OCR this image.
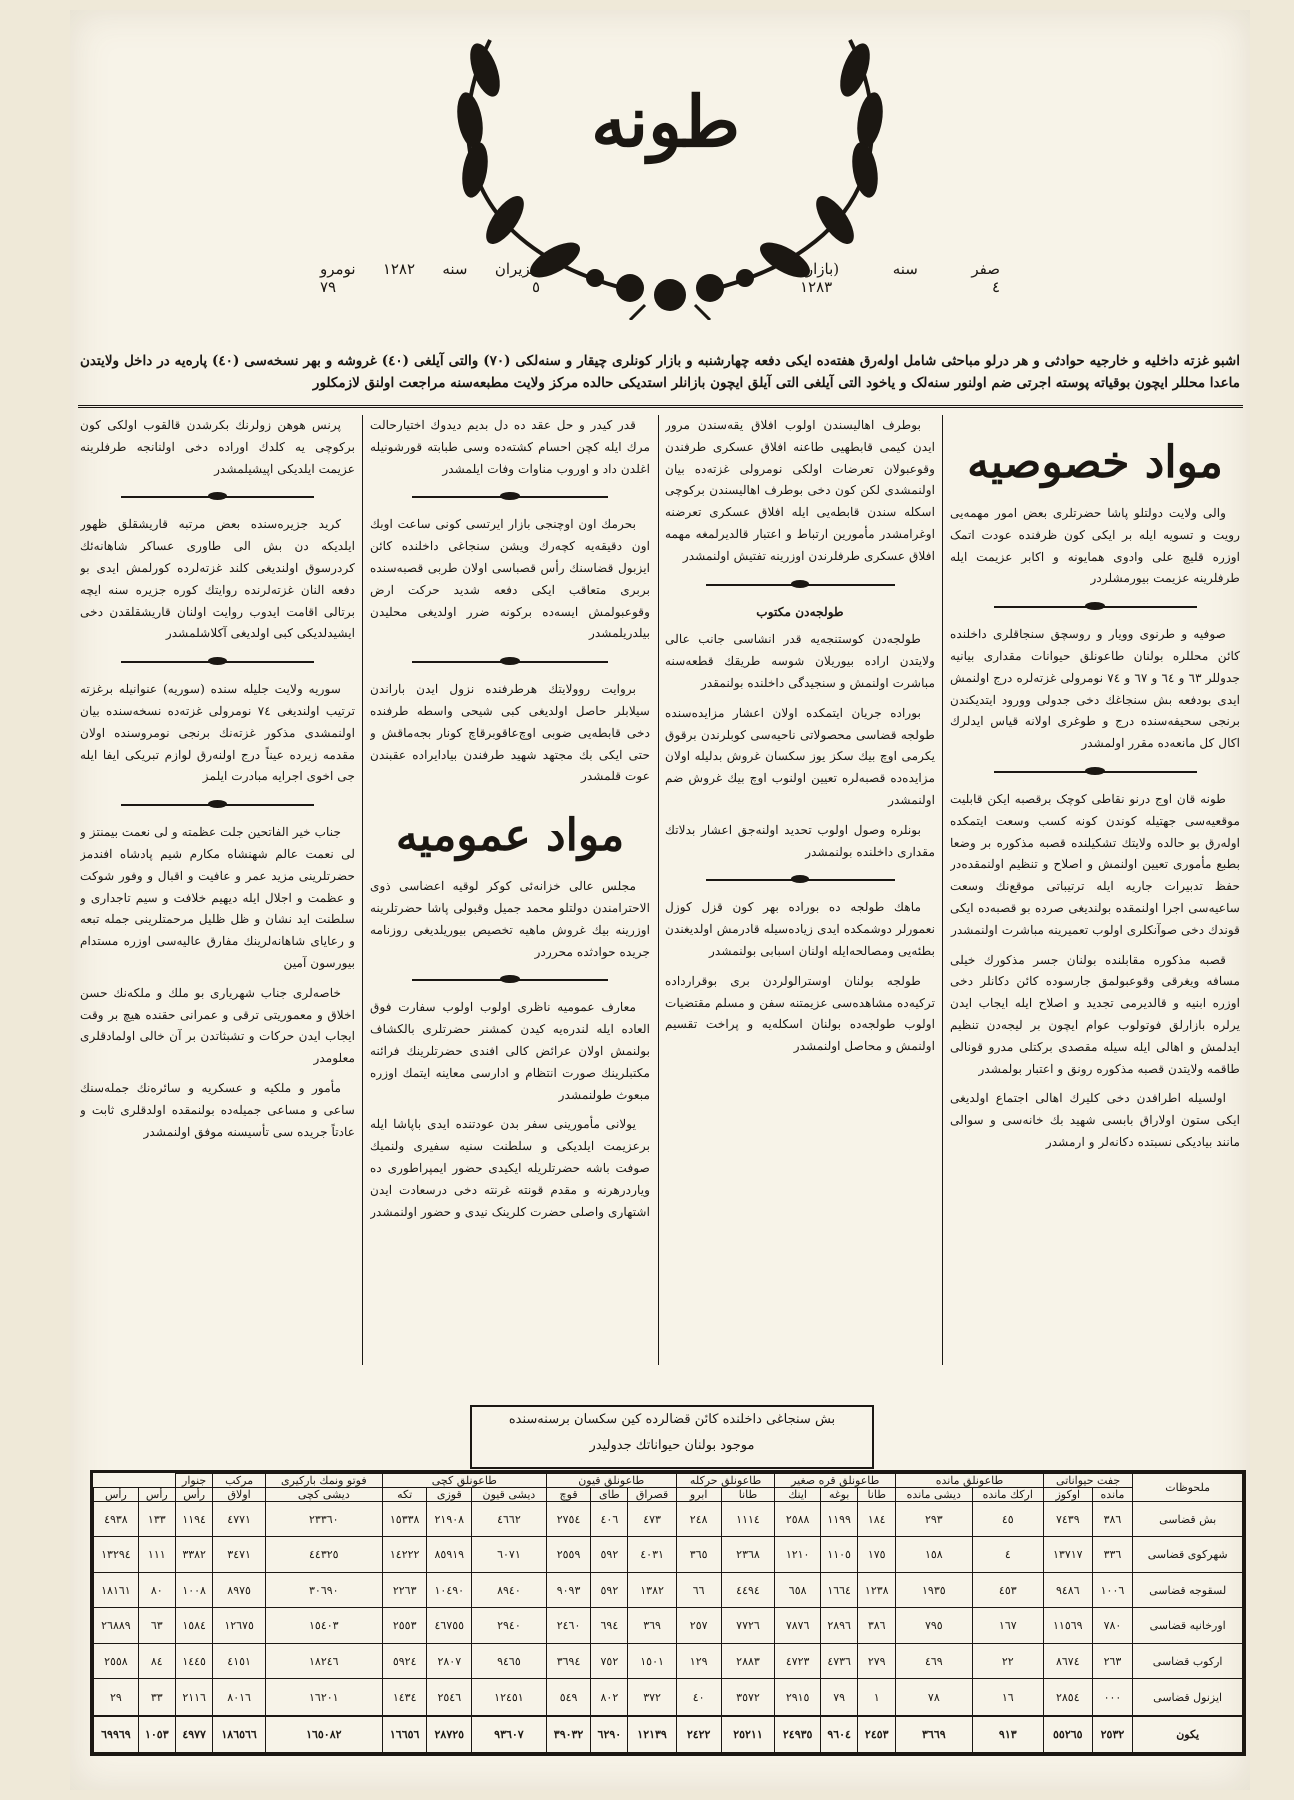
طونه
صفر
سنه
(بازار)
٤
١٢٨٣
حزیران
سنه
١٢٨٢
نومرو
٥
٧٩
اشبو غزته داخلیه و خارجیه حوادثی و هر درلو مباحثی شامل اوله‌رق هفته‌ده ایکی دفعه چهارشنبه و بازار کونلری چیقار و سنه‌لکی (٧٠) والتی آیلغی (٤٠) غروشه و بهر نسخه‌سی (٤٠) پاره‌یه در داخل ولایتدن ماعدا محللر ایچون بوقیاته پوسته اجرتی ضم اولنور سنه‌لک و یاخود التی آیلغی التی آیلق ایچون بازانلر استدیکی حالده مرکز ولایت مطبعه‌سنه مراجعت اولنق لازمکلور
مواد خصوصیه

والی ولایت دولتلو پاشا حضرتلری بعض امور مهمه‌یی رویت و تسویه ایله بر ایکی کون ظرفنده عودت اتمک اوزره قلیچ علی وادوی همایونه و اکابر عزیمت ایله طرفلرینه عزیمت بیورمشلردر

صوفیه و طرنوی وویار و روسچق سنجاقلری داخلنده کائن محللره بولنان طاعونلق حیوانات مقداری بیانیه جدوللر ٦٣ و ٦٤ و ٦٧ و ٧٤ نومرولی غزته‌لره درج اولنمش ایدی بودفعه بش سنجاغك دخی جدولی وورود ایتدیکندن برنجی سحیفه‌سنده درج و طوغری اولانه قیاس ایدلرك اكال كل مانعه‌ده مقرر اولمشدر

طونه قان اوج درنو نقاطی کوچک برقصبه ایکن قابلیت موقعیه‌سی جهتیله کوندن کونه کسب وسعت ایتمکده اوله‌رق بو حالده ولایتك تشکیلنده قصبه مذکوره بر وضعا بطبع مأموری تعیین اولنمش و اصلاح و تنظیم اولنمقده‌در حفظ تدبیرات جاریه ایله ترتیباتی موقع‌نك وسعت ساعیه‌سی اجرا اولنمقده بولندیغی صرده بو قصبه‌ده ایکی قوندك دخی صوآنکلری اولوب تعمیرینه مباشرت اولنمشدر

قصبه مذکوره مقابلنده بولنان جسر مذکورك خیلی مسافه ویغرقی وقوعبولمق جارسوده کائن دکانلر دخی اوزره ابنیه و قالدیرمی تجدید و اصلاح ایله ایجاب ایدن یرلره بازارلق فوتولوب عوام ایچون بر لیجه‌دن تنظیم ایدلمش و اهالی ایله سیله مقصدی برکتلی مدرو قونالی طاقمه ولایتدن قصبه مذکوره رونق و اعتبار بولمشدر

اولسیله اطرافدن دخی کلیرك اهالی اجتماع اولدیغی ایکی ستون اولاراق بابسی شهید بك خانه‌سی و سوالی مانند بیادیکی نسبتده دکانه‌لر و ارمشدر

بوطرف اهالیسندن اولوب افلاق یقه‌سندن مرور ایدن کیمی قابطهیی طاعنه افلاق عسکری طرفندن وقوعبولان تعرضات اولکی نومرولی غزته‌ده بیان اولنمشدی لکن کون دخی بوطرف اهالیسندن برکوچی اسکله سندن قابطه‌یی ایله افلاق عسکری تعرضنه اوغرامشدر مأمورین ارتباط و اعتبار قالدیرلمغه مهمه افلاق عسکری طرفلرندن اوزرینه تفتیش اولنمشدر

طولجه‌دن مکتوب

طولجه‌دن کوستنجه‌یه قدر انشاسی جانب عالی ولایتدن اراده بیوریلان شوسه طریقك قطعه‌سنه مباشرت اولنمش و سنجیدگی داخلنده بولنمقدر

بوراده جریان ایتمکده اولان اعشار مزایده‌سنده طولجه قضاسی محصولاتی ناحیه‌سی کوبلرندن برقوق یکرمی اوچ بیك سکز یوز سکسان غروش بدلیله اولان مزایده‌ده قصبه‌لره تعیین اولنوب اوچ بیك غروش ضم اولنمشدر

بونلره وصول اولوب تحدید اولنه‌جق اعشار بدلاتك مقداری داخلنده بولنمشدر

ماهك طولجه ده بوراده بهر کون قزل کوزل نعمورلر دوشمکده ایدی زیاده‌سیله قادرمش اولدیغندن بطئه‌یی ومصالحه‌ایله اولنان اسبابی بولنمشدر

طولجه بولنان اوسترالولردن بری بوقرارداده ترکیه‌ده مشاهده‌سی عزیمتنه سفن و مسلم مقتضیات اولوب طولجه‌ده بولنان اسکله‌یه و پراخت تقسیم اولنمش و محاصل اولنمشدر

قدر کیدر و حل عقد ده دل بدیم دیدوك اختیارحالت مرك ایله کچن احسام کشته‌ده وسی طبابته قورشونیله اغلدن داد و اوروب مناوات وفات ایلمشدر

بحرمك اون اوچنجی بازار ایرتسی کونی ساعت اوبك اون دقیقه‌یه کچه‌رك ویشن سنجاغی داخلنده کائن ایزبول قضاسنك رأس قصباسی اولان طربی قصبه‌سنده بربری متعاقب ایکی دفعه شدید حرکت ارض وقوعبولمش ایسه‌ده برکونه ضرر اولدیغی محلیدن بیلدریلمشدر

بروایت روولایتك هرطرفنده نزول ایدن باراندن سیلابلر حاصل اولدیغی کبی شیحی واسطه طرفنده دخی قابطه‌یی ضوبی اوچ‌عاقوبرقاچ کونار بجه‌ماقش و حتی ایکی بك مجتهد شهید طرفندن بیادایراده عقبندن عوت قلمشدر

مواد عمومیه

مجلس عالی خزانه‌ئی کوکر لوقیه اعضاسی ذوی الاحترامندن دولتلو محمد جمیل وقبولی پاشا حضرتلرینه اوزرینه بیك غروش ماهیه تخصیص بیوریلدیغی روزنامه جریده حوادثده محرردر

معارف عمومیه ناظری اولوب اولوب سفارت فوق العاده ایله لندره‌یه کیدن کمشنر حضرتلری بالکشاف بولنمش اولان عرائض کالی افندی حضرتلرینك فرائنه مکتبلرینك صورت انتظام و ادارسی معاینه ایتمك اوزره مبعوث طولنمشدر

یولانی مأمورینی سفر بدن عودتنده ایدی باپاشا ایله برعزیمت ایلدیکی و سلطنت سنیه سفیری ولنمیك صوفت باشه حضرتلریله ایکیدی حضور ایمپراطوری ده ویاردرهرنه و مقدم قونته غرنته دخی درسعادت ایدن اشتهاری واصلی حضرت کلرینک نیدی و حضور اولنمشدر

پرنس هوهن زولرنك بکرشدن قالقوب اولکی کون برکوچی یه کلدك اوراده دخی اولنانجه طرفلرینه عزیمت ایلدیکی اپیشیلمشدر

کرید جزیره‌سنده بعض مرتبه قاریشقلق ظهور ایلدیکه دن بش الی طاوری عساکر شاهانه‌ئك کردرسوق اولندیغی کلند غزته‌لرده کورلمش ایدی بو دفعه النان غزته‌لرنده روایتك کوره جزیره سنه ایچه برتالی اقامت ایدوب روایت اولنان قاریشقلقدن دخی ایشیدلدیکی کبی اولدیغی آکلاشلمشدر

سوریه ولایت جلیله سنده (سوریه) عنوانیله برغزته ترتیب اولندیغی ٧٤ نومرولی غزته‌ده نسخه‌سنده بیان اولنمشدی مذکور غزته‌نك برنجی نومروسنده اولان مقدمه زیرده عیناً درج اولنه‌رق لوازم تبریکی ایفا ایله جی اخوی اجرایه مبادرت ایلمز

جناب خیر الفاتحین جلت عظمته و لی نعمت بیمنتز و لی نعمت عالم شهنشاه مکارم شیم پادشاه افندمز حضرتلرینی مزید عمر و عافیت و اقبال و وفور شوکت و عظمت و اجلال ایله دیهیم خلافت و سیم تاجداری و سلطنت اید نشان و ظل ظلیل مرحمتلرینی جمله تبعه و رعایای شاهانه‌لرینك مفارق عالیه‌سی اوزره مستدام بیورسون آمین

خاصه‌لری جناب شهریاری بو ملك و ملکه‌نك حسن اخلاق و معموریتی ترقی و عمرانی حقنده هیچ بر وقت ایجاب ایدن حرکات و تشبثاتدن بر آن خالی اولمادقلری معلومدر

مأمور و ملکیه و عسکریه و سائره‌نك جمله‌سنك ساعی و مساعی جمیله‌ده بولنمقده اولدقلری ثابت و عادتاً جریده سی تأسیسنه موفق اولنمشدر

بش سنجاغی داخلنده کائن قضالرده کین سکسان برسنه‌سنده
موجود بولنان حیواناتك جدولیدر
ملحوظات	جفت حیواناتی		طاعونلق مانده		طاعونلق قره صغیر			طاعونلق حرکله		طاعونلق قیون			طاعونلق کچی			فوتو ونمك بارکیری	مرکب	جنوار		
	مانده	اوکوز	ارکك مانده	دیشی مانده	طانا	بوغه	اینك	طانا	ابرو	قصراق	طای	قوچ	دیشی قیون	قوزی	تکه	دیشی کچی	اولاق	رأس	رأس	رأس
بش قضاسی	٣٨٦	٧٤٣٩	٤٥	٢٩٣	١٨٤	١١٩٩	٢٥٨٨	١١١٤	٢٤٨	٤٧٣	٤٠٦	٢٧٥٤	٤٦٦٢	٢١٩٠٨	١٥٣٣٨	٢٣٣٦٠	٤٧٧١	١١٩٤	١٣٣	٤٩٣٨
شهرکوی قضاسی	٣٣٦	١٣٧١٧	٤	١٥٨	١٧٥	١١٠٥	١٢١٠	٢٣٦٨	٣٦٥	٤٠٣١	٥٩٢	٢٥٥٩	٦٠٧١	٨٥٩١٩	١٤٢٢٢	٤٤٣٢٥	٣٤٧١	٣٣٨٢	١١١	١٣٢٩٤
لسقوجه قضاسی	١٠٠٦	٩٤٨٦	٤٥٣	١٩٣٥	١٢٣٨	١٦٦٤	٦٥٨	٤٤٩٤	٦٦	١٣٨٢	٥٩٢	٩٠٩٣	٨٩٤٠	١٠٤٩٠	٢٢٦٣	٣٠٦٩٠	٨٩٧٥	١٠٠٨	٨٠	١٨١٦١
اورخانیه قضاسی	٧٨٠	١١٥٦٩	١٦٧	٧٩٥	٣٨٦	٢٨٩٦	٧٨٧٦	٧٧٢٦	٢٥٧	٣٦٩	٦٩٤	٢٤٦٠	٢٩٤٠	٤٦٧٥٥	٢٥٥٣	١٥٤٠٣	١٢٦٧٥	١٥٨٤	٦٣	٢٦٨٨٩
ارکوب قضاسی	٢٦٣	٨٦٧٤	٢٢	٤٦٩	٢٧٩	٤٧٣٦	٤٧٢٣	٢٨٨٣	١٢٩	١٥٠١	٧٥٢	٣٦٩٤	٩٤٦٥	٢٨٠٧	٥٩٢٤	١٨٢٤٦	٤١٥١	١٤٤٥	٨٤	٢٥٥٨
ایزنول قضاسی	٠٠٠	٢٨٥٤	١٦	٧٨	١	٧٩	٢٩١٥	٣٥٧٢	٤٠	٣٧٢	٨٠٢	٥٤٩	١٢٤٥١	٢٥٤٦	١٤٣٤	١٦٢٠١	٨٠١٦	٢١١٦	٣٣	٢٩
يكون	٢٥٣٢	٥٥٢٦٥	٩١٣	٣٦٦٩	٢٤٥٣	٩٦٠٤	٢٤٩٣٥	٢٥٢١١	٢٤٢٢	١٢١٣٩	٦٢٩٠	٣٩٠٣٢	٩٣٦٠٧	٢٨٧٢٥	١٦٦٥٦	١٦٥٠٨٢	١٨٦٥٦٦	٤٩٧٧	١٠٥٣	٦٩٩٦٩
